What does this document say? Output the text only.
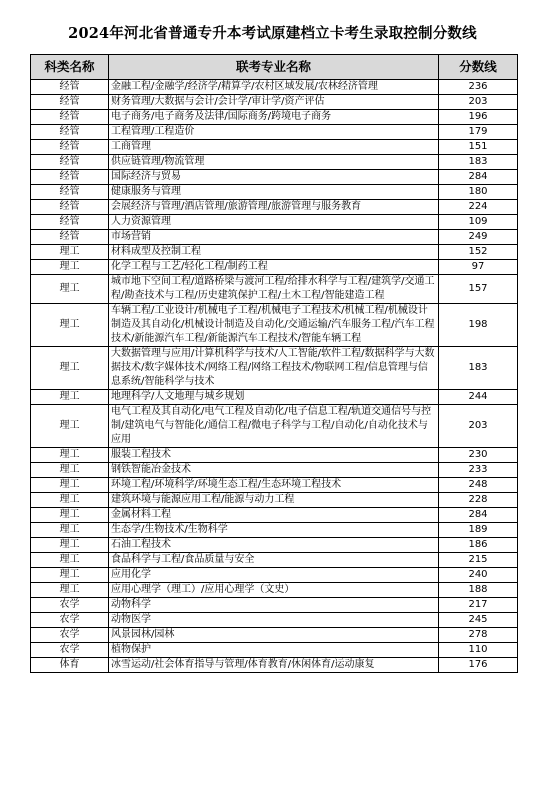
2024年河北省普通专升本考试原建档立卡考生录取控制分数线
科类名称	联考专业名称	分数线
经管	金融工程/金融学/经济学/精算学/农村区域发展/农林经济管理	236
经管	财务管理/大数据与会计/会计学/审计学/资产评估	203
经管	电子商务/电子商务及法律/国际商务/跨境电子商务	196
经管	工程管理/工程造价	179
经管	工商管理	151
经管	供应链管理/物流管理	183
经管	国际经济与贸易	284
经管	健康服务与管理	180
经管	会展经济与管理/酒店管理/旅游管理/旅游管理与服务教育	224
经管	人力资源管理	109
经管	市场营销	249
理工	材料成型及控制工程	152
理工	化学工程与工艺/轻化工程/制药工程	97
理工	城市地下空间工程/道路桥梁与渡河工程/给排水科学与工程/建筑学/交通工程/勘查技术与工程/历史建筑保护工程/土木工程/智能建造工程	157
理工	车辆工程/工业设计/机械电子工程/机械电子工程技术/机械工程/机械设计制造及其自动化/机械设计制造及自动化/交通运输/汽车服务工程/汽车工程技术/新能源汽车工程/新能源汽车工程技术/智能车辆工程	198
理工	大数据管理与应用/计算机科学与技术/人工智能/软件工程/数据科学与大数据技术/数字媒体技术/网络工程/网络工程技术/物联网工程/信息管理与信息系统/智能科学与技术	183
理工	地理科学/人文地理与城乡规划	244
理工	电气工程及其自动化/电气工程及自动化/电子信息工程/轨道交通信号与控制/建筑电气与智能化/通信工程/微电子科学与工程/自动化/自动化技术与应用	203
理工	服装工程技术	230
理工	钢铁智能冶金技术	233
理工	环境工程/环境科学/环境生态工程/生态环境工程技术	248
理工	建筑环境与能源应用工程/能源与动力工程	228
理工	金属材料工程	284
理工	生态学/生物技术/生物科学	189
理工	石油工程技术	186
理工	食品科学与工程/食品质量与安全	215
理工	应用化学	240
理工	应用心理学（理工）/应用心理学（文史）	188
农学	动物科学	217
农学	动物医学	245
农学	风景园林/园林	278
农学	植物保护	110
体育	冰雪运动/社会体育指导与管理/体育教育/休闲体育/运动康复	176
